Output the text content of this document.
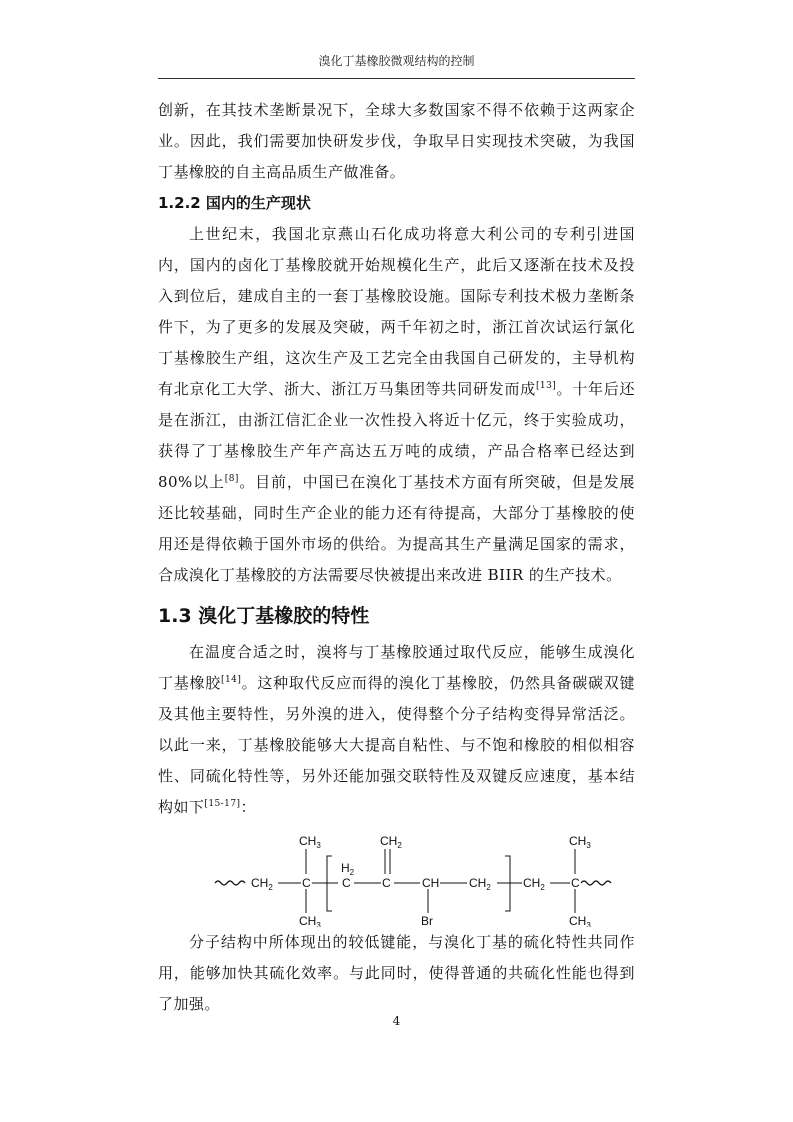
溴化丁基橡胶微观结构的控制

创新，在其技术垄断景况下，全球大多数国家不得不依赖于这两家企业。因此，我们需要加快研发步伐，争取早日实现技术突破，为我国丁基橡胶的自主高品质生产做准备。

1.2.2 国内的生产现状

上世纪末，我国北京燕山石化成功将意大利公司的专利引进国内，国内的卤化丁基橡胶就开始规模化生产，此后又逐渐在技术及投入到位后，建成自主的一套丁基橡胶设施。国际专利技术极力垄断条件下，为了更多的发展及突破，两千年初之时，浙江首次试运行氯化丁基橡胶生产组，这次生产及工艺完全由我国自己研发的，主导机构有北京化工大学、浙大、浙江万马集团等共同研发而成[13]。十年后还是在浙江，由浙江信汇企业一次性投入将近十亿元，终于实验成功，获得了丁基橡胶生产年产高达五万吨的成绩，产品合格率已经达到 80%以上[8]。目前，中国已在溴化丁基技术方面有所突破，但是发展还比较基础，同时生产企业的能力还有待提高，大部分丁基橡胶的使用还是得依赖于国外市场的供给。为提高其生产量满足国家的需求，合成溴化丁基橡胶的方法需要尽快被提出来改进 BIIR 的生产技术。

1.3 溴化丁基橡胶的特性

在温度合适之时，溴将与丁基橡胶通过取代反应，能够生成溴化丁基橡胶[14]。这种取代反应而得的溴化丁基橡胶，仍然具备碳碳双键及其他主要特性，另外溴的进入，使得整个分子结构变得异常活泛。以此一来，丁基橡胶能够大大提高自粘性、与不饱和橡胶的相似相容性、同硫化特性等，另外还能加强交联特性及双键反应速度，基本结构如下[15-17]：

$CH_2$ C
$CH_3$
$CH_3$
$H_2$
C	C
$CH_2$
CH
Br
$CH_2$	$CH_2$ C
$CH_3$
$CH_3$

分子结构中所体现出的较低键能，与溴化丁基的硫化特性共同作用，能够加快其硫化效率。与此同时，使得普通的共硫化性能也得到了加强。

4
